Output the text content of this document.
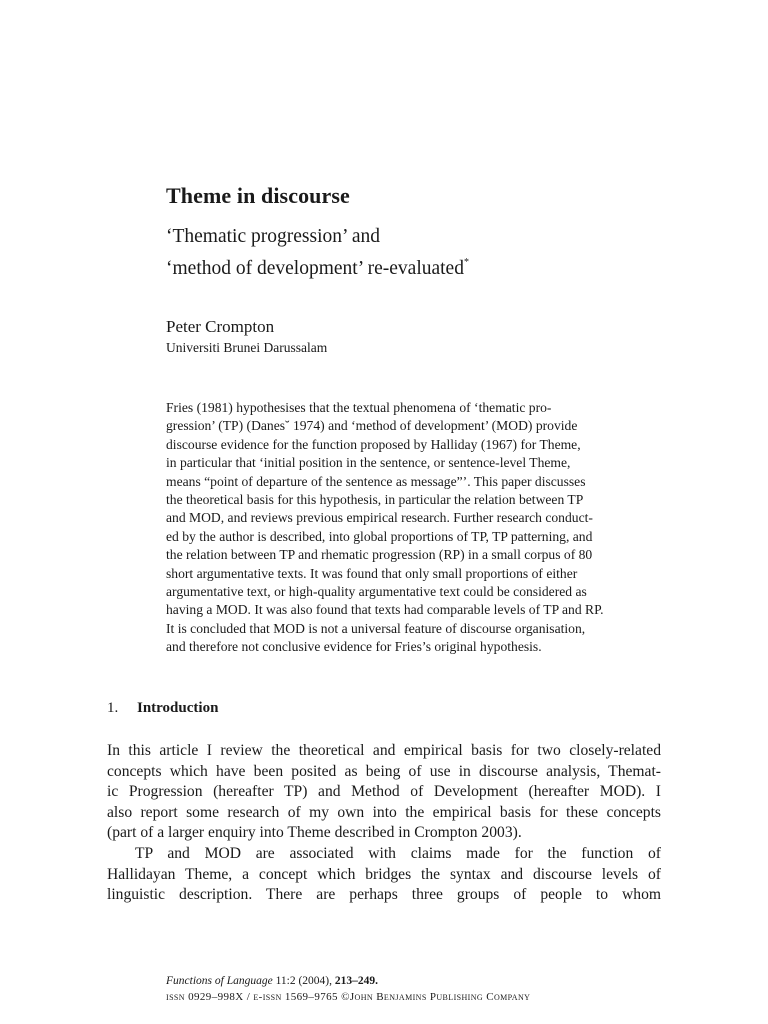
Theme in discourse
‘Thematic progression’ and
‘method of development’ re-evaluated*

Peter Crompton

Universiti Brunei Darussalam

Fries (1981) hypothesises that the textual phenomena of ‘thematic pro-
gression’ (TP) (Danes˘ 1974) and ‘method of development’ (MOD) provide
discourse evidence for the function proposed by Halliday (1967) for Theme,
in particular that ‘initial position in the sentence, or sentence-level Theme,
means “point of departure of the sentence as message”’. This paper discusses
the theoretical basis for this hypothesis, in particular the relation between TP
and MOD, and reviews previous empirical research. Further research conduct-
ed by the author is described, into global proportions of TP, TP patterning, and
the relation between TP and rhematic progression (RP) in a small corpus of 80
short argumentative texts. It was found that only small proportions of either
argumentative text, or high-quality argumentative text could be considered as
having a MOD. It was also found that texts had comparable levels of TP and RP.
It is concluded that MOD is not a universal feature of discourse organisation,
and therefore not conclusive evidence for Fries’s original hypothesis.
1. Introduction
In this article I review the theoretical and empirical basis for two closely-related
concepts which have been posited as being of use in discourse analysis, Themat-
ic Progression (hereafter TP) and Method of Development (hereafter MOD). I
also report some research of my own into the empirical basis for these concepts
(part of a larger enquiry into Theme described in Crompton 2003).
TP and MOD are associated with claims made for the function of
Hallidayan Theme, a concept which bridges the syntax and discourse levels of
linguistic description. There are perhaps three groups of people to whom
Functions of Language 11:2 (2004), 213–249.
issn 0929–998X / e-issn 1569–9765 ©John Benjamins Publishing Company
